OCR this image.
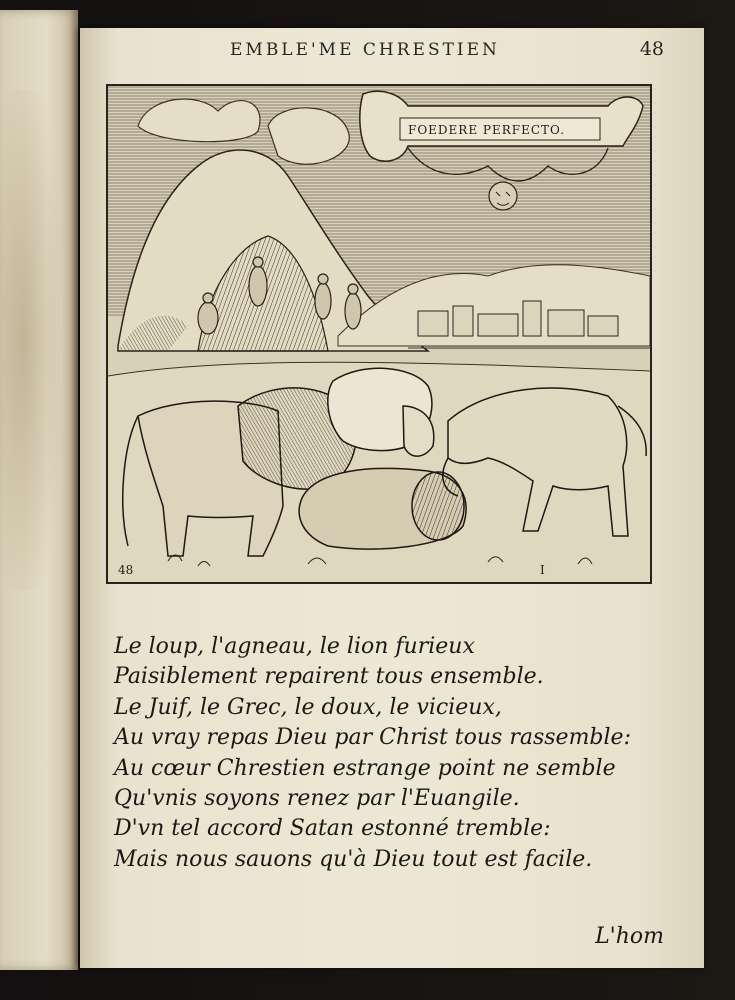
EMBLE'ME CHRESTIEN	48
FOEDERE PERFECTO.
48	I
Le loup, l'agneau, le lion furieux
Paisiblement repairent tous ensemble.
Le Juif, le Grec, le doux, le vicieux,
Au vray repas Dieu par Christ tous rassemble:
Au cœur Chrestien estrange point ne semble
Qu'vnis soyons renez par l'Euangile.
D'vn tel accord Satan estonné tremble:
Mais nous sauons qu'à Dieu tout est facile.
L'hom
